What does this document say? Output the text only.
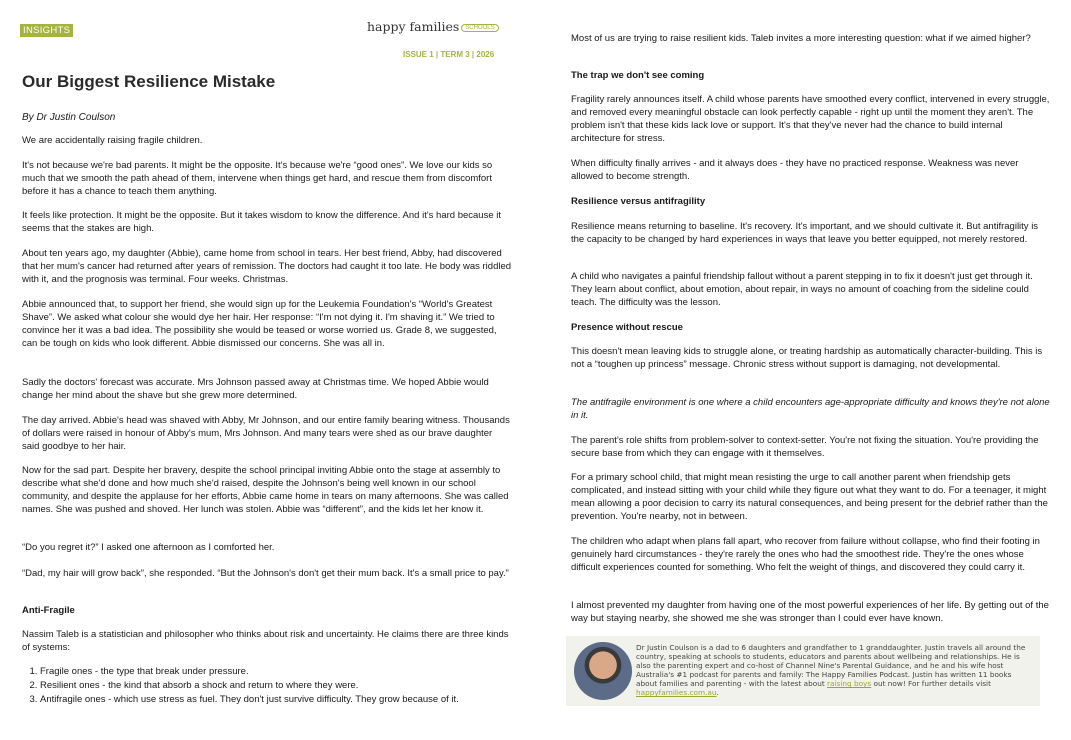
INSIGHTS	happy families SCHOOLS
ISSUE 1 | TERM 3 | 2026
Our Biggest Resilience Mistake
By Dr Justin Coulson

We are accidentally raising fragile children.

It's not because we're bad parents. It might be the opposite. It's because we're “good ones”. We love our kids so much that we smooth the path ahead of them, intervene when things get hard, and rescue them from discomfort before it has a chance to teach them anything.

It feels like protection. It might be the opposite. But it takes wisdom to know the difference. And it's hard because it seems that the stakes are high.

About ten years ago, my daughter (Abbie), came home from school in tears. Her best friend, Abby, had discovered that her mum's cancer had returned after years of remission. The doctors had caught it too late. He body was riddled with it, and the prognosis was terminal. Four weeks. Christmas.

Abbie announced that, to support her friend, she would sign up for the Leukemia Foundation's “World's Greatest Shave”. We asked what colour she would dye her hair. Her response: “I'm not dying it. I'm shaving it.” We tried to convince her it was a bad idea. The possibility she would be teased or worse worried us. Grade 8, we suggested, can be tough on kids who look different. Abbie dismissed our concerns. She was all in.

Sadly the doctors' forecast was accurate. Mrs Johnson passed away at Christmas time. We hoped Abbie would change her mind about the shave but she grew more determined.

The day arrived. Abbie's head was shaved with Abby, Mr Johnson, and our entire family bearing witness. Thousands of dollars were raised in honour of Abby's mum, Mrs Johnson. And many tears were shed as our brave daughter said goodbye to her hair.

Now for the sad part. Despite her bravery, despite the school principal inviting Abbie onto the stage at assembly to describe what she'd done and how much she'd raised, despite the Johnson's being well known in our school community, and despite the applause for her efforts, Abbie came home in tears on many afternoons. She was called names. She was pushed and shoved. Her lunch was stolen. Abbie was “different”, and the kids let her know it.

“Do you regret it?” I asked one afternoon as I comforted her.

“Dad, my hair will grow back”, she responded. “But the Johnson's don't get their mum back. It's a small price to pay.”

Anti-Fragile

Nassim Taleb is a statistician and philosopher who thinks about risk and uncertainty. He claims there are three kinds of systems:

1. Fragile ones - the type that break under pressure.
2. Resilient ones - the kind that absorb a shock and return to where they were.
3. Antifragile ones - which use stress as fuel. They don't just survive difficulty. They grow because of it.

Most of us are trying to raise resilient kids. Taleb invites a more interesting question: what if we aimed higher?

The trap we don't see coming

Fragility rarely announces itself. A child whose parents have smoothed every conflict, intervened in every struggle, and removed every meaningful obstacle can look perfectly capable - right up until the moment they aren't. The problem isn't that these kids lack love or support. It's that they've never had the chance to build internal architecture for stress.

When difficulty finally arrives - and it always does - they have no practiced response. Weakness was never allowed to become strength.

Resilience versus antifragility

Resilience means returning to baseline. It's recovery. It's important, and we should cultivate it. But antifragility is the capacity to be changed by hard experiences in ways that leave you better equipped, not merely restored.

A child who navigates a painful friendship fallout without a parent stepping in to fix it doesn't just get through it. They learn about conflict, about emotion, about repair, in ways no amount of coaching from the sideline could teach. The difficulty was the lesson.

Presence without rescue

This doesn't mean leaving kids to struggle alone, or treating hardship as automatically character-building. This is not a “toughen up princess” message. Chronic stress without support is damaging, not developmental.

The antifragile environment is one where a child encounters age-appropriate difficulty and knows they're not alone in it.

The parent's role shifts from problem-solver to context-setter. You're not fixing the situation. You're providing the secure base from which they can engage with it themselves.

For a primary school child, that might mean resisting the urge to call another parent when friendship gets complicated, and instead sitting with your child while they figure out what they want to do. For a teenager, it might mean allowing a poor decision to carry its natural consequences, and being present for the debrief rather than the prevention. You're nearby, not in between.

The children who adapt when plans fall apart, who recover from failure without collapse, who find their footing in genuinely hard circumstances - they're rarely the ones who had the smoothest ride. They're the ones whose difficult experiences counted for something. Who felt the weight of things, and discovered they could carry it.

I almost prevented my daughter from having one of the most powerful experiences of her life. By getting out of the way but staying nearby, she showed me she was stronger than I could ever have known.

Dr Justin Coulson is a dad to 6 daughters and grandfather to 1 granddaughter. Justin travels all around the country, speaking at schools to students, educators and parents about wellbeing and relationships. He is also the parenting expert and co-host of Channel Nine's Parental Guidance, and he and his wife host Australia's #1 podcast for parents and family: The Happy Families Podcast. Justin has written 11 books about families and parenting - with the latest about raising boys out now! For further details visit happyfamilies.com.au.
